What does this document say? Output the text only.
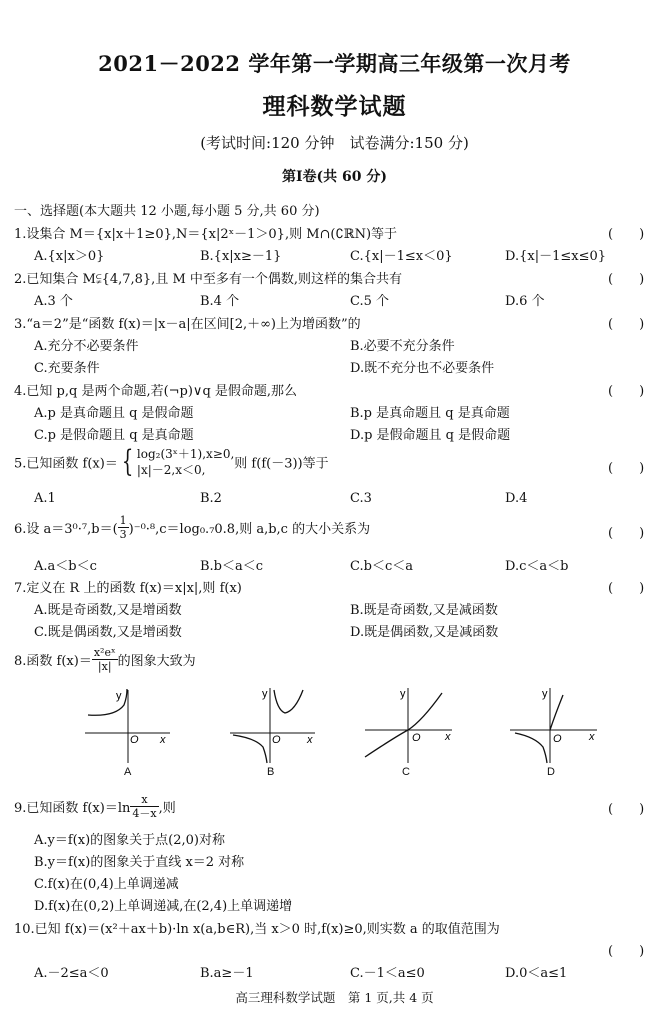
2021－2022 学年第一学期高三年级第一次月考
理科数学试题
(考试时间:120 分钟　试卷满分:150 分)
第Ⅰ卷(共 60 分)
一、选择题(本大题共 12 小题,每小题 5 分,共 60 分)
1.设集合 M＝{x|x＋1≥0},N＝{x|2ˣ－1＞0},则 M∩(∁ℝN)等于	(　　)
A.{x|x＞0}	B.{x|x≥－1}	C.{x|－1≤x＜0}	D.{x|－1≤x≤0}
2.已知集合 M⫋{4,7,8},且 M 中至多有一个偶数,则这样的集合共有	(　　)
A.3 个	B.4 个	C.5 个	D.6 个
3.“a＝2”是“函数 f(x)＝|x－a|在区间[2,＋∞)上为增函数”的	(　　)
A.充分不必要条件	B.必要不充分条件
C.充要条件	D.既不充分也不必要条件
4.已知 p,q 是两个命题,若(¬p)∨q 是假命题,那么	(　　)
A.p 是真命题且 q 是假命题	B.p 是真命题且 q 是真命题
C.p 是假命题且 q 是真命题	D.p 是假命题且 q 是假命题
5.已知函数 f(x)＝ { log₂(3ˣ＋1),x≥0,
|x|－2,x＜0,	则 f(f(－3))等于	(　　)
A.1	B.2	C.3	D.4
6.设 $a=3^0\cdot^7,b=( \frac{1}{3} )^{-0}\cdot^8,c=\log_0._70.8$,则 a,b,c 的大小关系为	(　　)
A.a＜b＜c	B.b＜a＜c	C.b＜c＜a	D.c＜a＜b
7.定义在 R 上的函数 f(x)＝x|x|,则 f(x)	(　　)
A.既是奇函数,又是增函数	B.既是奇函数,又是减函数
C.既是偶函数,又是增函数	D.既是偶函数,又是减函数
8.函数 $f(x)= \frac{\text{x²eˣ}}{|x|}$ 的图象大致为
y
x
O
A
y
x
O
B
y
x
O
C
y
x
O
D
9.已知函数 $f(x)=\ln \frac{x}{4-x}$ ,则	(　　)
A.y＝f(x)的图象关于点(2,0)对称
B.y＝f(x)的图象关于直线 x＝2 对称
C.f(x)在(0,4)上单调递减
D.f(x)在(0,2)上单调递减,在(2,4)上单调递增
10.已知 f(x)＝(x²＋ax＋b)·ln x(a,b∈R),当 x＞0 时,f(x)≥0,则实数 a 的取值范围为
(　　)
A.－2≤a＜0	B.a≥－1	C.－1＜a≤0	D.0＜a≤1
高三理科数学试题　第 1 页,共 4 页
